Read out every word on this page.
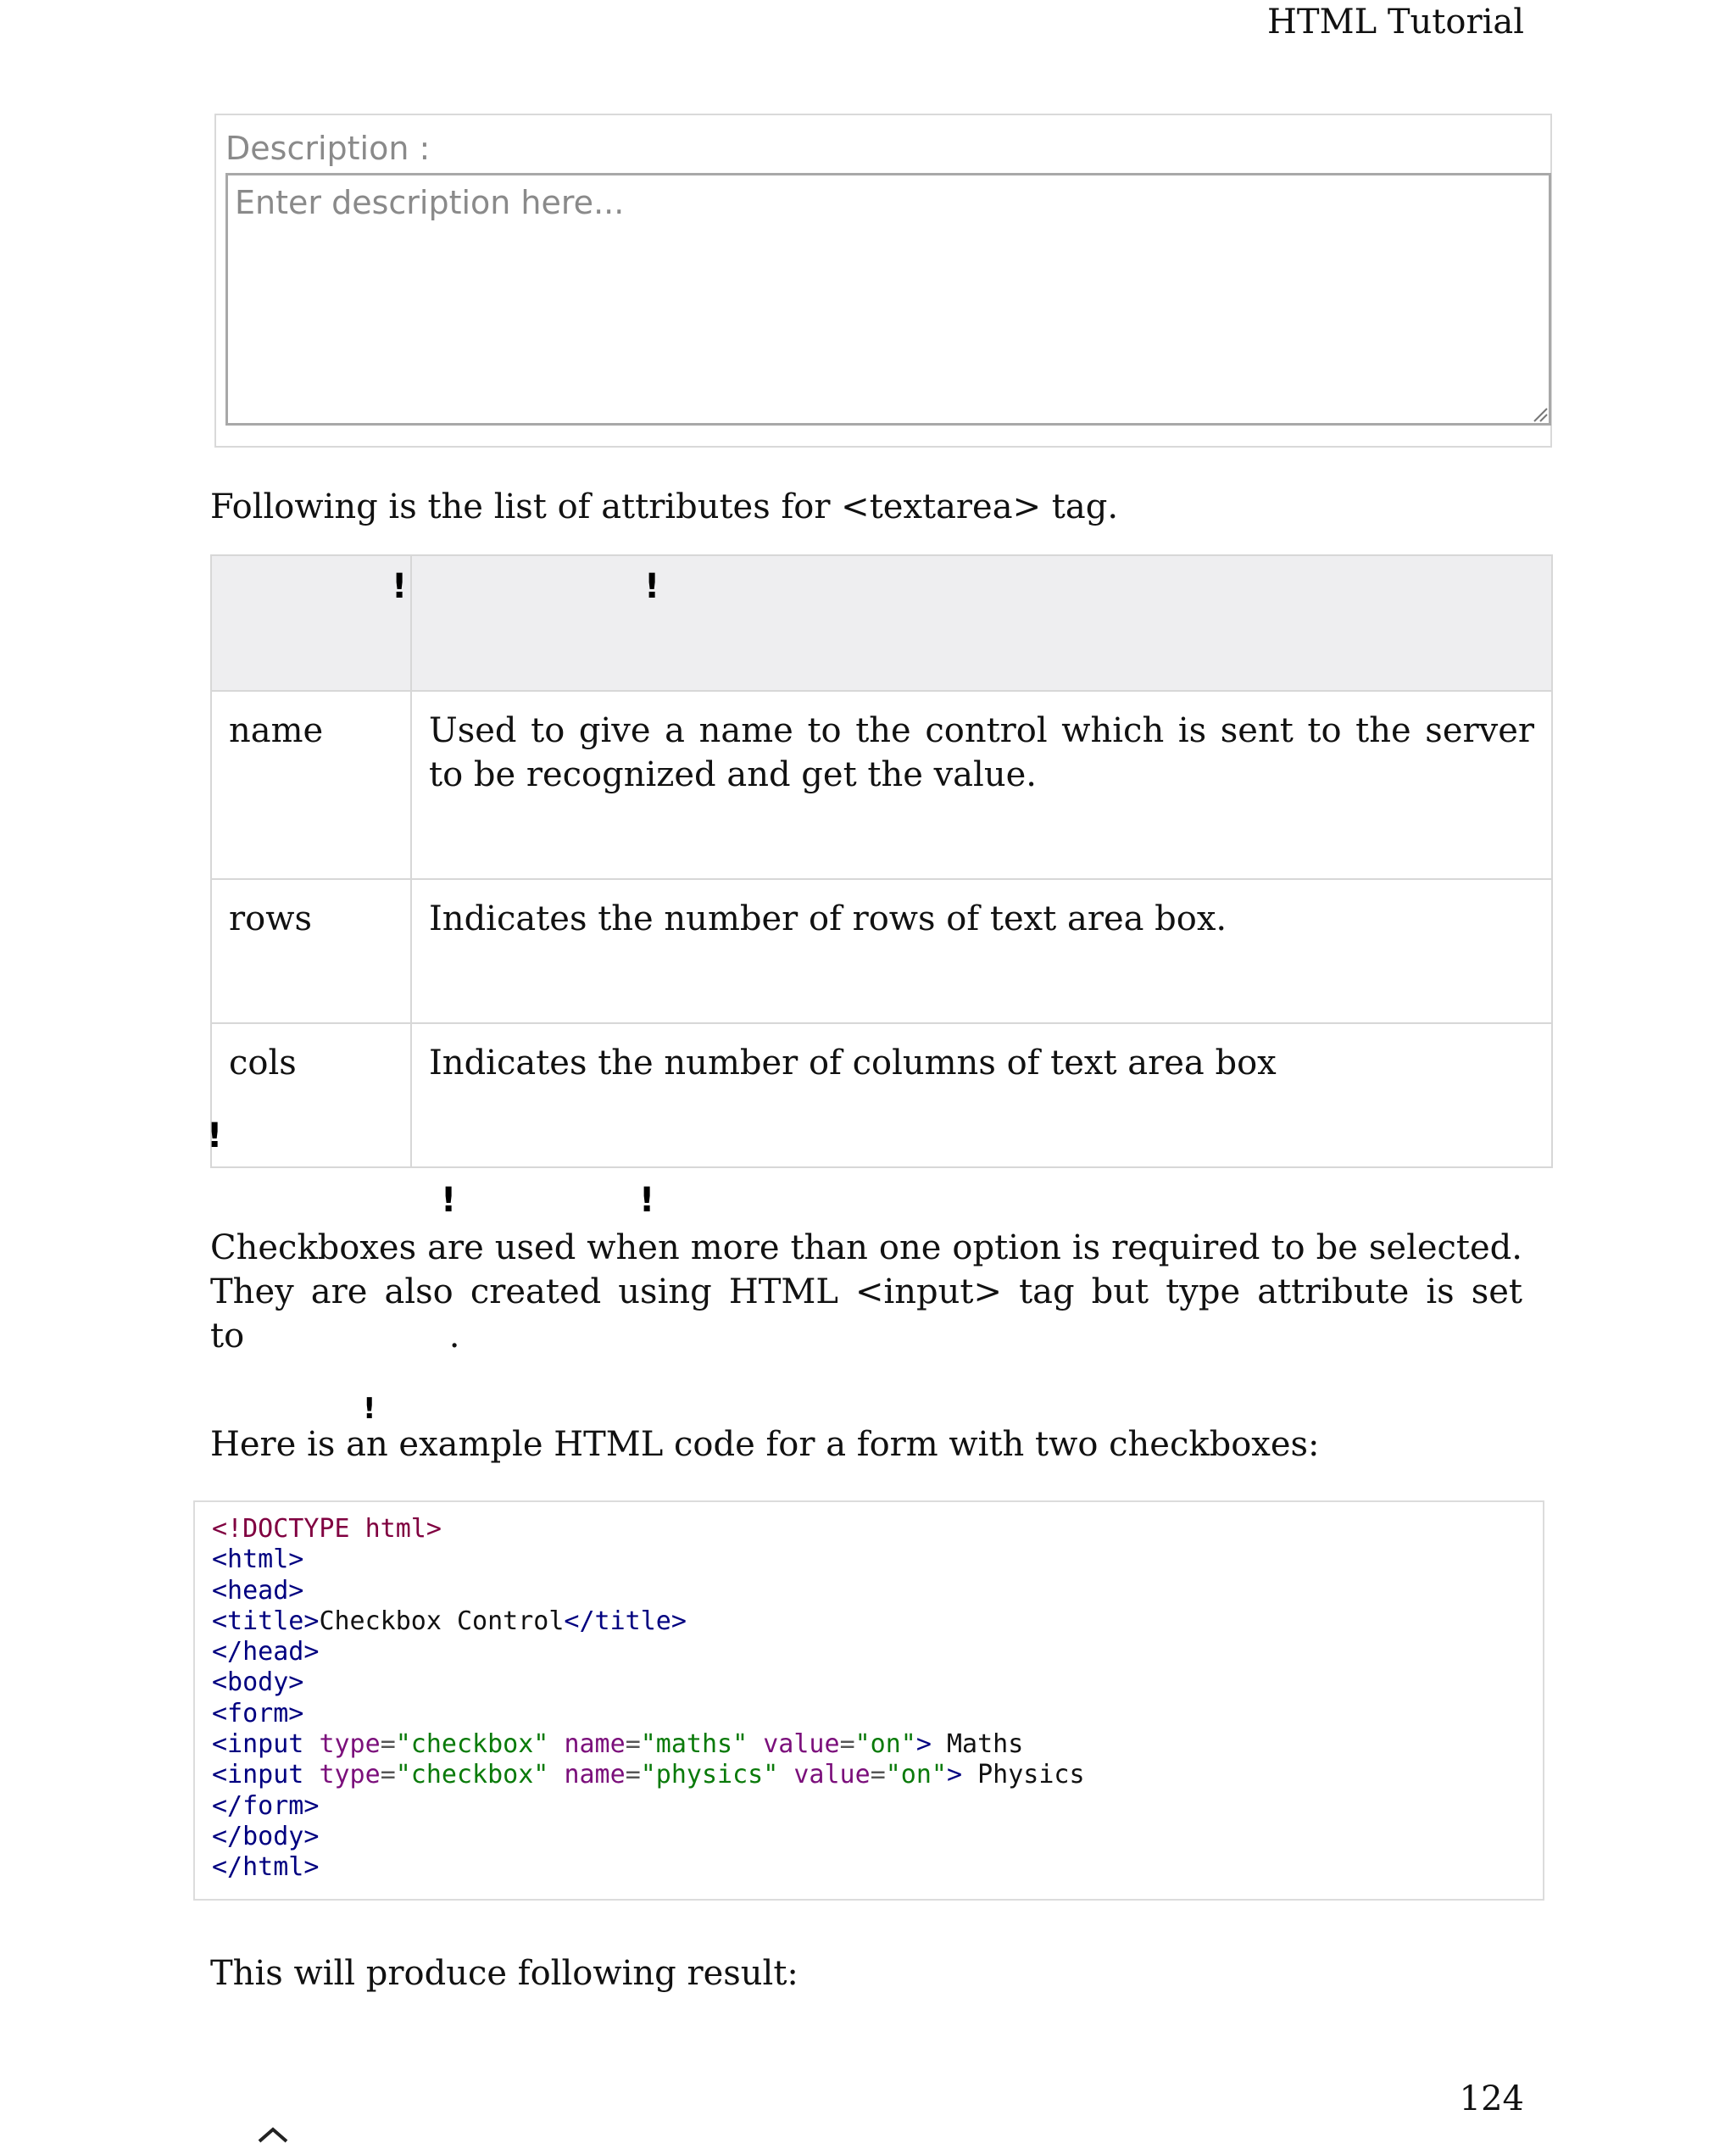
HTML Tutorial
Description :
Enter description here...
Following is the list of attributes for <textarea> tag.
!	!
name	Used to give a name to the control which is sent to the server to be recognized and get the value.
rows	Indicates the number of rows of text area box.
cols	Indicates the number of columns of text area box
!
!	!
Checkboxes are used when more than one option is required to be selected. They are also created using HTML <input> tag but type attribute is set
to                   .
!
Here is an example HTML code for a form with two checkboxes:
<!DOCTYPE html>
<html>
<head>
<title>Checkbox Control</title>
</head>
<body>
<form>
<input type="checkbox" name="maths" value="on"> Maths
<input type="checkbox" name="physics" value="on"> Physics
</form>
</body>
</html>
This will produce following result:
124
